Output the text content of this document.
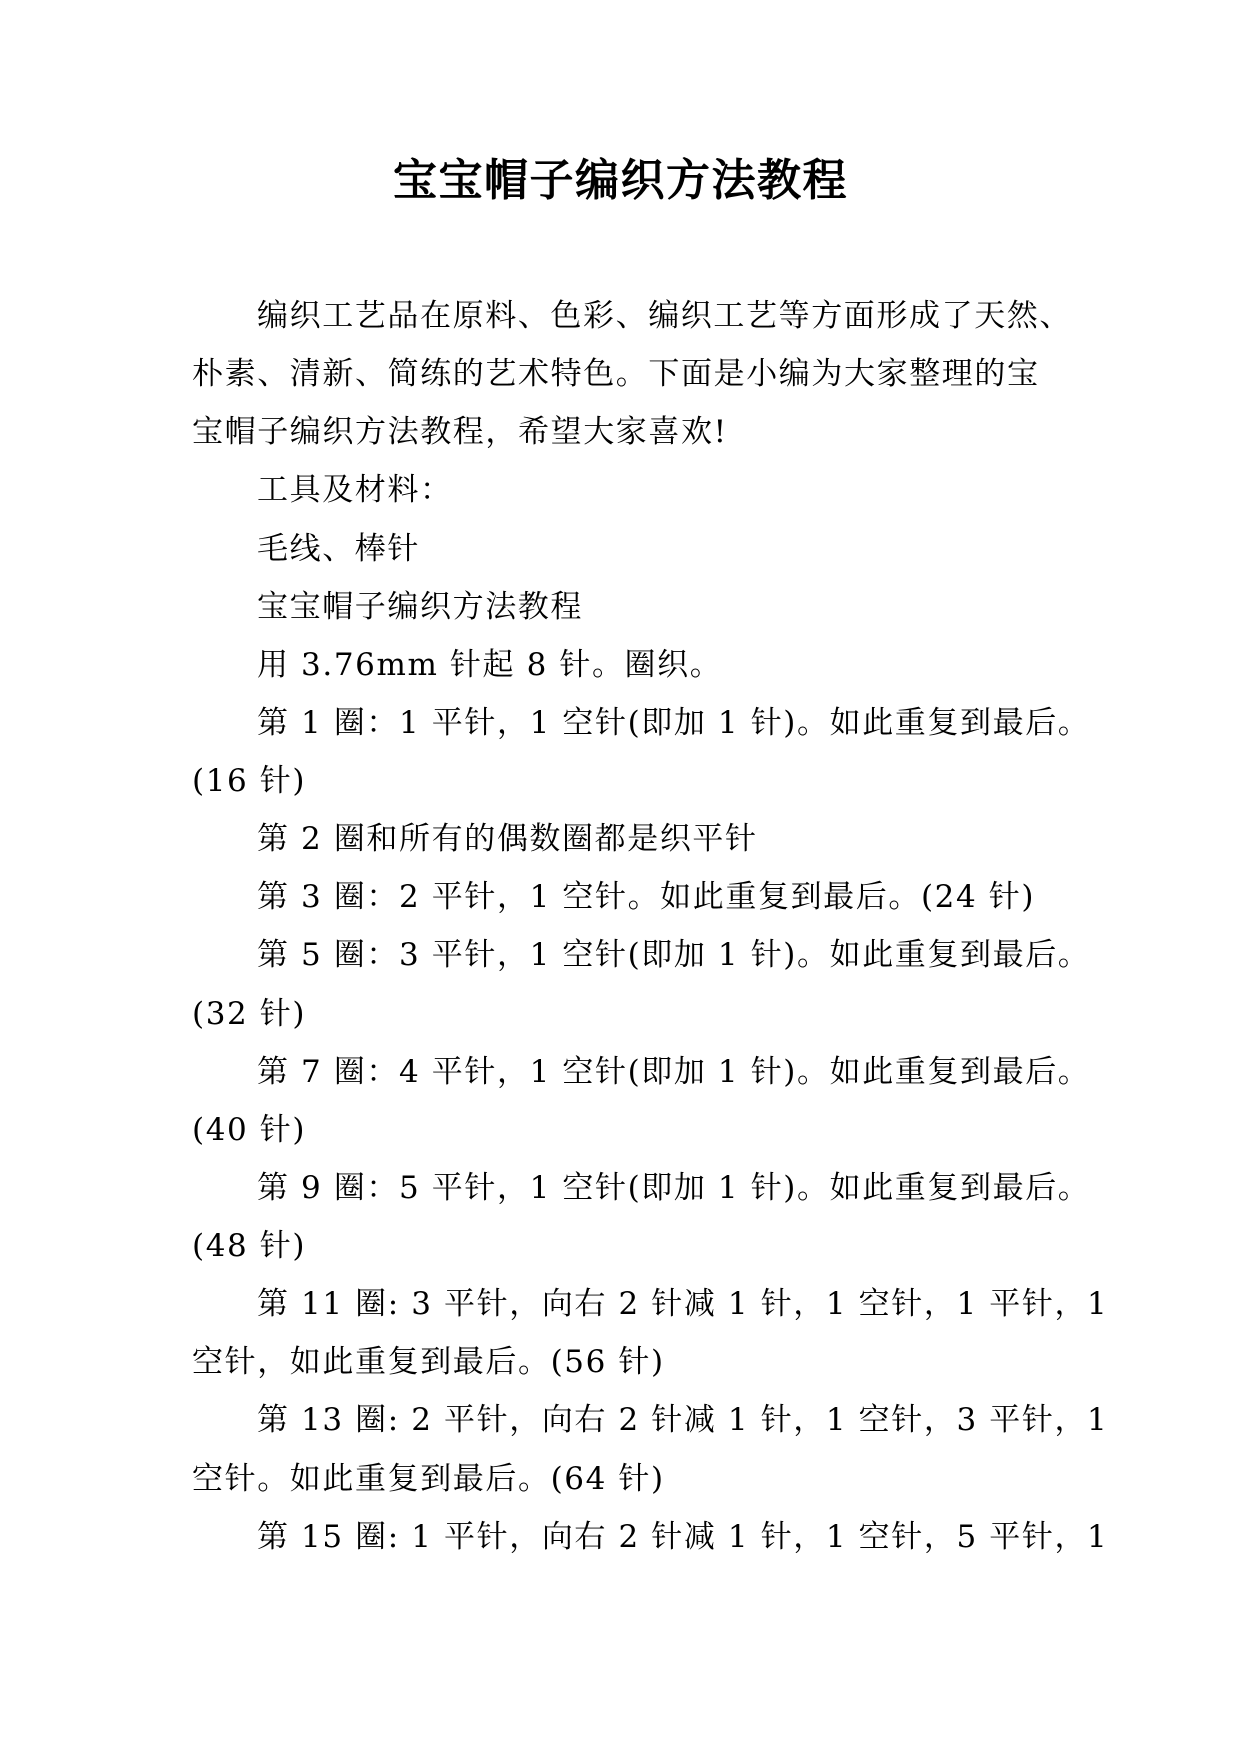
宝宝帽子编织方法教程
编织工艺品在原料、色彩、编织工艺等方面形成了天然、
朴素、清新、简练的艺术特色。下面是小编为大家整理的宝
宝帽子编织方法教程，希望大家喜欢!
工具及材料：
毛线、棒针
宝宝帽子编织方法教程
用 3.76mm 针起 8 针。圈织。
第 1 圈：1 平针，1 空针(即加 1 针)。如此重复到最后。
(16 针)
第 2 圈和所有的偶数圈都是织平针
第 3 圈：2 平针，1 空针。如此重复到最后。(24 针)
第 5 圈：3 平针，1 空针(即加 1 针)。如此重复到最后。
(32 针)
第 7 圈：4 平针，1 空针(即加 1 针)。如此重复到最后。
(40 针)
第 9 圈：5 平针，1 空针(即加 1 针)。如此重复到最后。
(48 针)
第 11 圈: 3 平针，向右 2 针减 1 针，1 空针，1 平针，1
空针，如此重复到最后。(56 针)
第 13 圈: 2 平针，向右 2 针减 1 针，1 空针，3 平针，1
空针。如此重复到最后。(64 针)
第 15 圈: 1 平针，向右 2 针减 1 针，1 空针，5 平针，1
